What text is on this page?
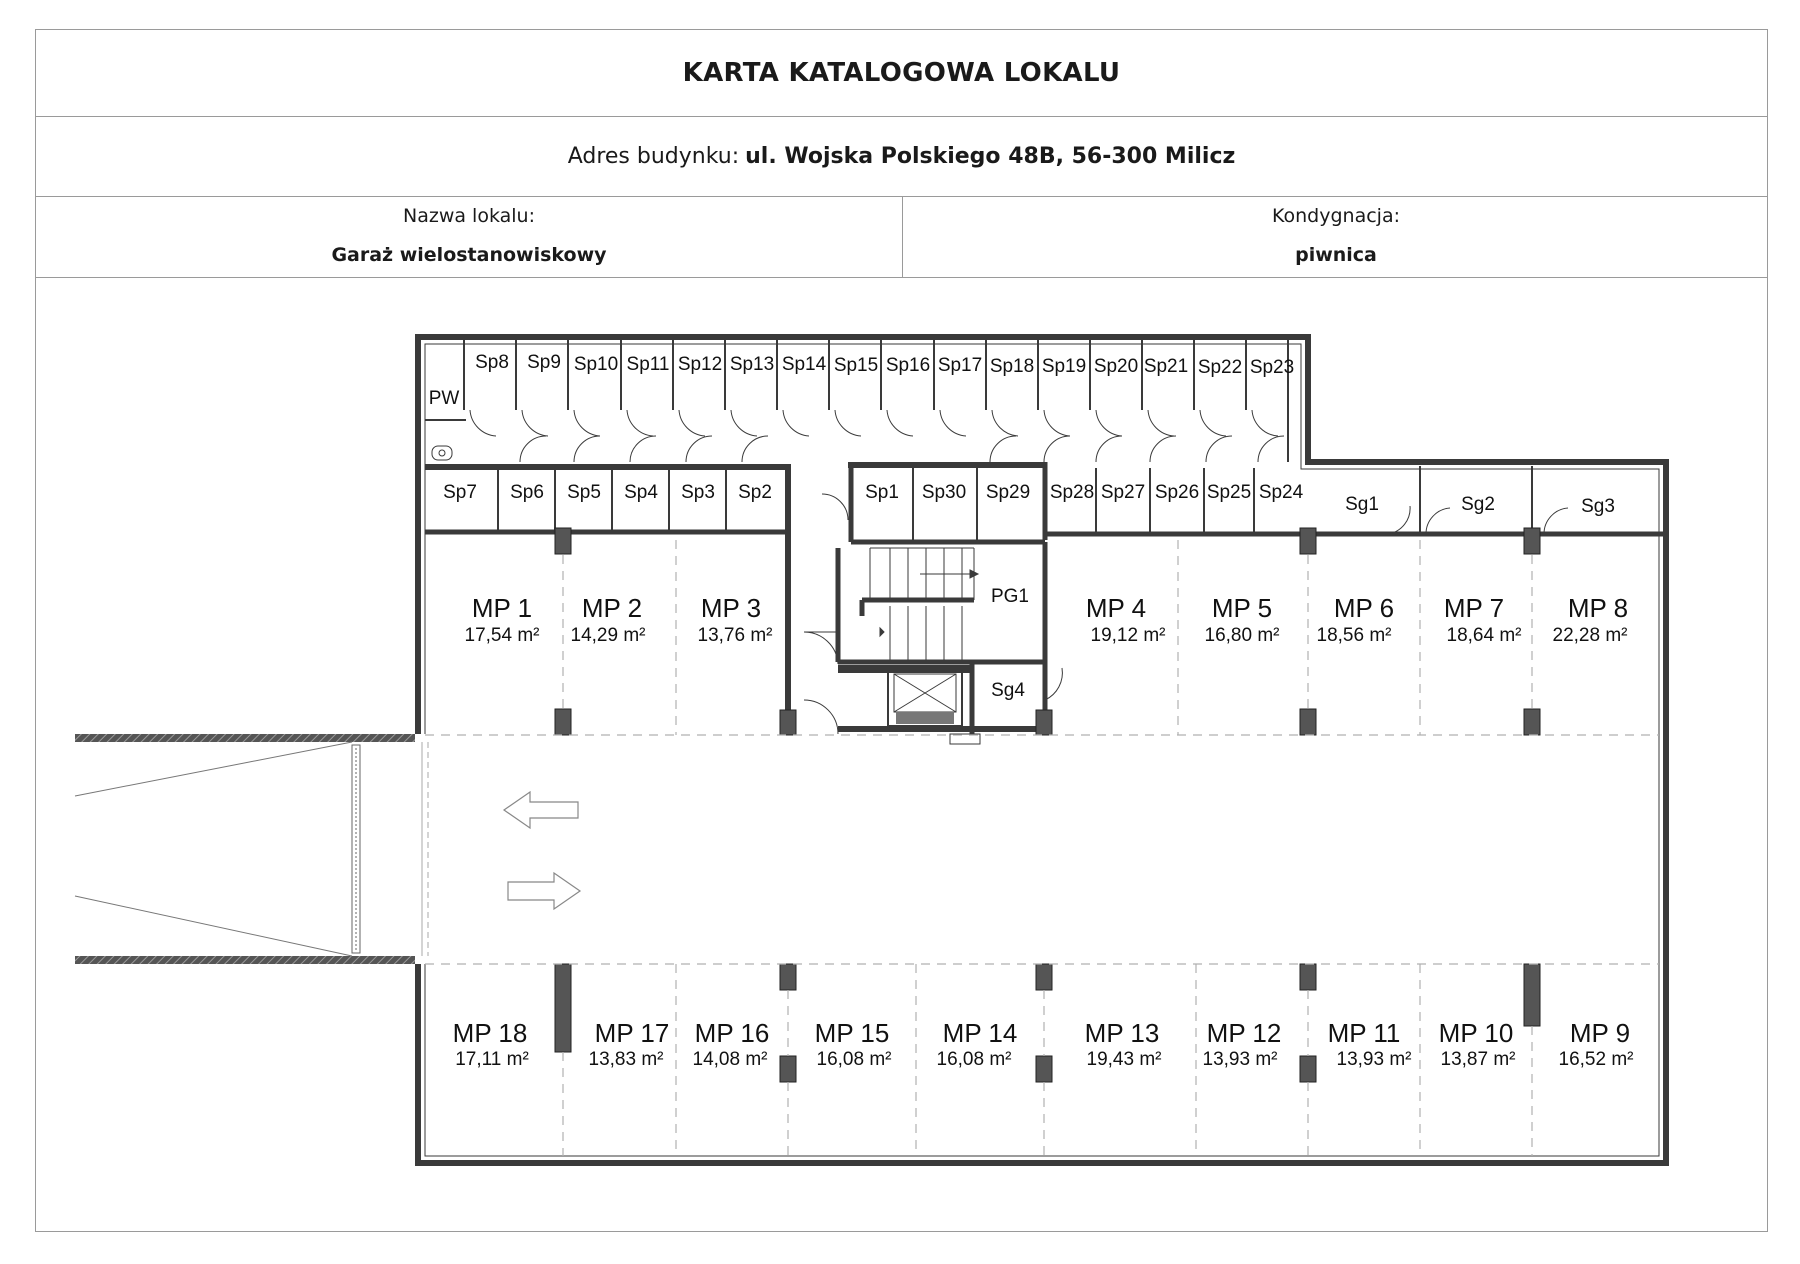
KARTA KATALOGOWA LOKALU
Adres budynku: ul. Wojska Polskiego 48B, 56-300 Milicz
Nazwa lokalu:
Garaż wielostanowiskowy
Kondygnacja:
piwnica
Sp8 Sp9 Sp10 Sp11 Sp12 Sp13 Sp14 Sp15 Sp16 Sp17 Sp18 Sp19 Sp20 Sp21 Sp22 Sp23
Sp7 Sp6 Sp5 Sp4 Sp3 Sp2	Sp1 Sp30 Sp29 Sp28 Sp27 Sp26 Sp25 Sp24
Sg1	Sg2	Sg3
Sg4
PW
PG1
MP 1
17,54 m²
MP 2
14,29 m²
MP 3
13,76 m²
MP 4
19,12 m²
MP 5
16,80 m²
MP 6
18,56 m²
MP 7
18,64 m²
MP 8
22,28 m²
MP 18
17,11 m²
MP 17
13,83 m²
MP 16
14,08 m²
MP 15
16,08 m²
MP 14
16,08 m²
MP 13
19,43 m²
MP 12
13,93 m²
MP 11
13,93 m²
MP 10
13,87 m²
MP 9
16,52 m²
